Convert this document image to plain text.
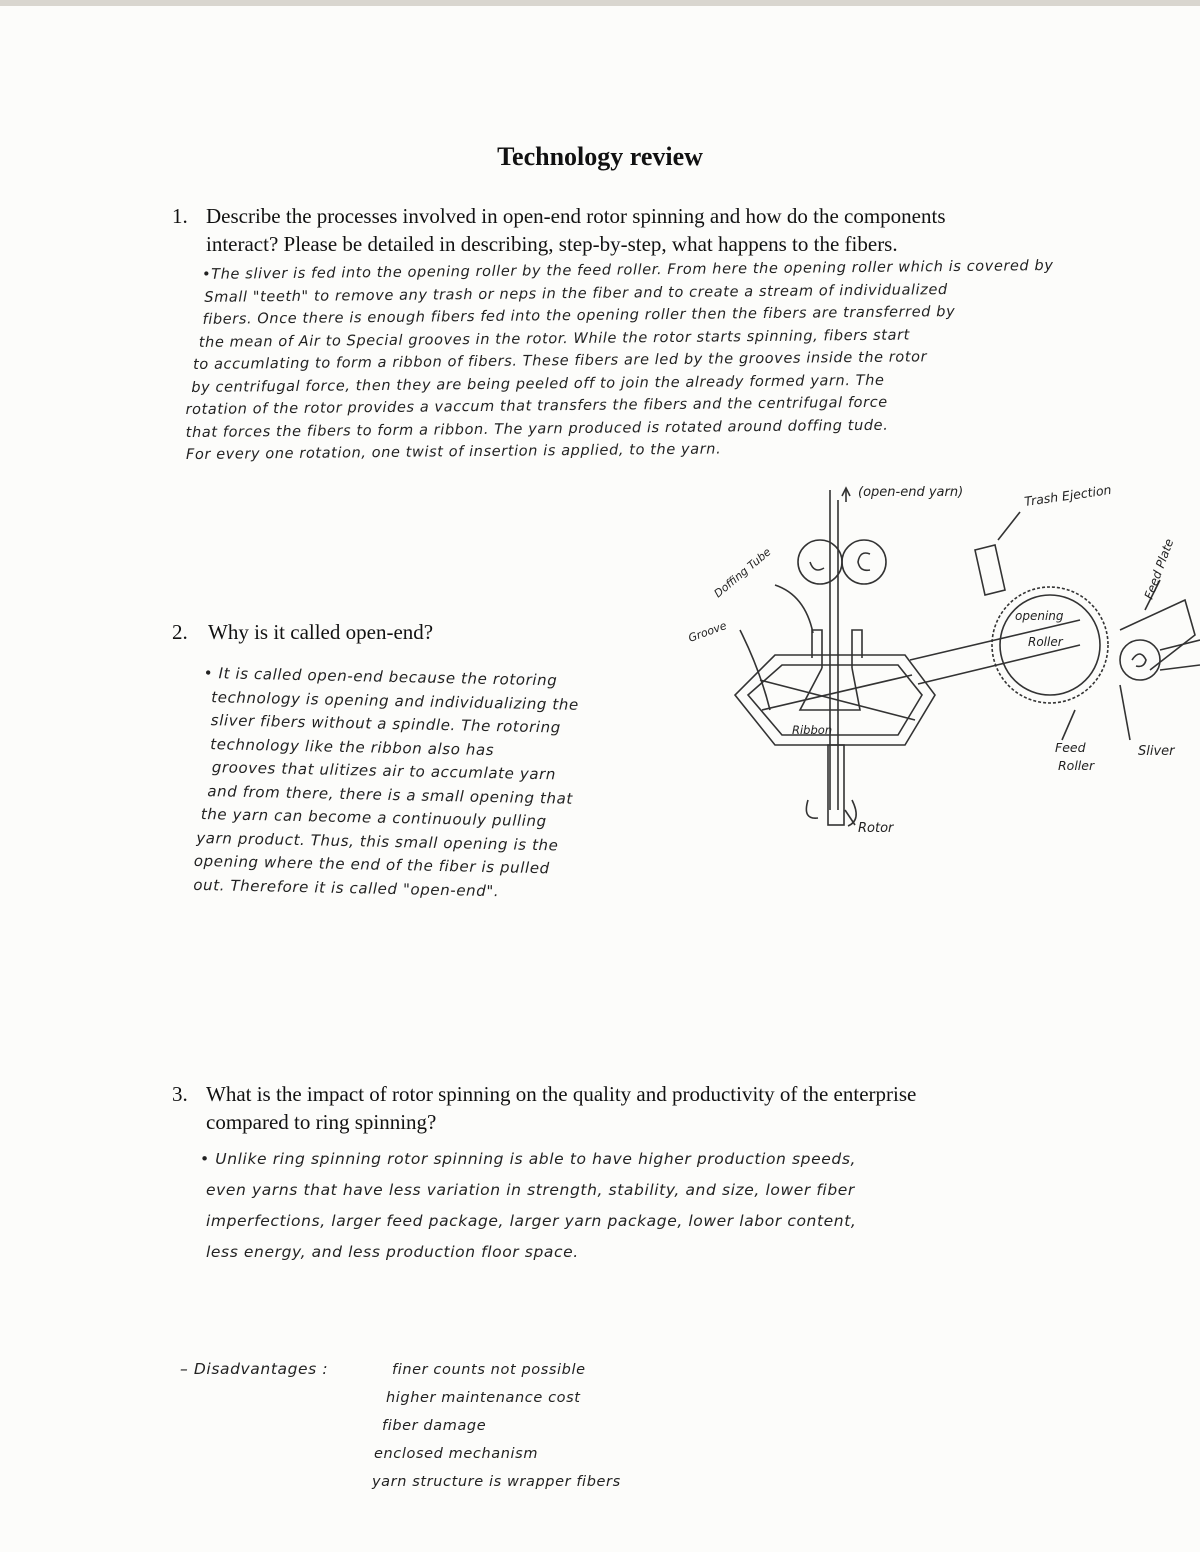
Technology review
1. Describe the processes involved in open-end rotor spinning and how do the components
interact? Please be detailed in describing, step-by-step, what happens to the fibers.
•The sliver is fed into the opening roller by the feed roller. From here the opening roller which is covered by
Small "teeth" to remove any trash or neps in the fiber and to create a stream of individualized
fibers. Once there is enough fibers fed into the opening roller then the fibers are transferred by
the mean of Air to Special grooves in the rotor. While the rotor starts spinning, fibers start
to accumlating to form a ribbon of fibers. These fibers are led by the grooves inside the rotor
by centrifugal force, then they are being peeled off to join the already formed yarn. The
rotation of the rotor provides a vaccum that transfers the fibers and the centrifugal force
that forces the fibers to form a ribbon. The yarn produced is rotated around doffing tude.
For every one rotation, one twist of insertion is applied, to the yarn.
2. Why is it called open-end?
• It is called open-end because the rotoring
technology is opening and individualizing the
sliver fibers without a spindle. The rotoring
technology like the ribbon also has
grooves that ulitizes air to accumlate yarn
and from there, there is a small opening that
the yarn can become a continuouly pulling
yarn product. Thus, this small opening is the
opening where the end of the fiber is pulled
out. Therefore it is called "open-end".
(open-end yarn)	Trash Ejection
Feed Plate
Doffing Tube
Groove
opening
Roller
Ribbon
Feed
Roller
Sliver
Rotor
3. What is the impact of rotor spinning on the quality and productivity of the enterprise
compared to ring spinning?
• Unlike ring spinning rotor spinning is able to have higher production speeds,
even yarns that have less variation in strength, stability, and size, lower fiber
imperfections, larger feed package, larger yarn package, lower labor content,
less energy, and less production floor space.
– Disadvantages :	finer counts not possible
higher maintenance cost
fiber damage
enclosed mechanism
yarn structure is wrapper fibers
